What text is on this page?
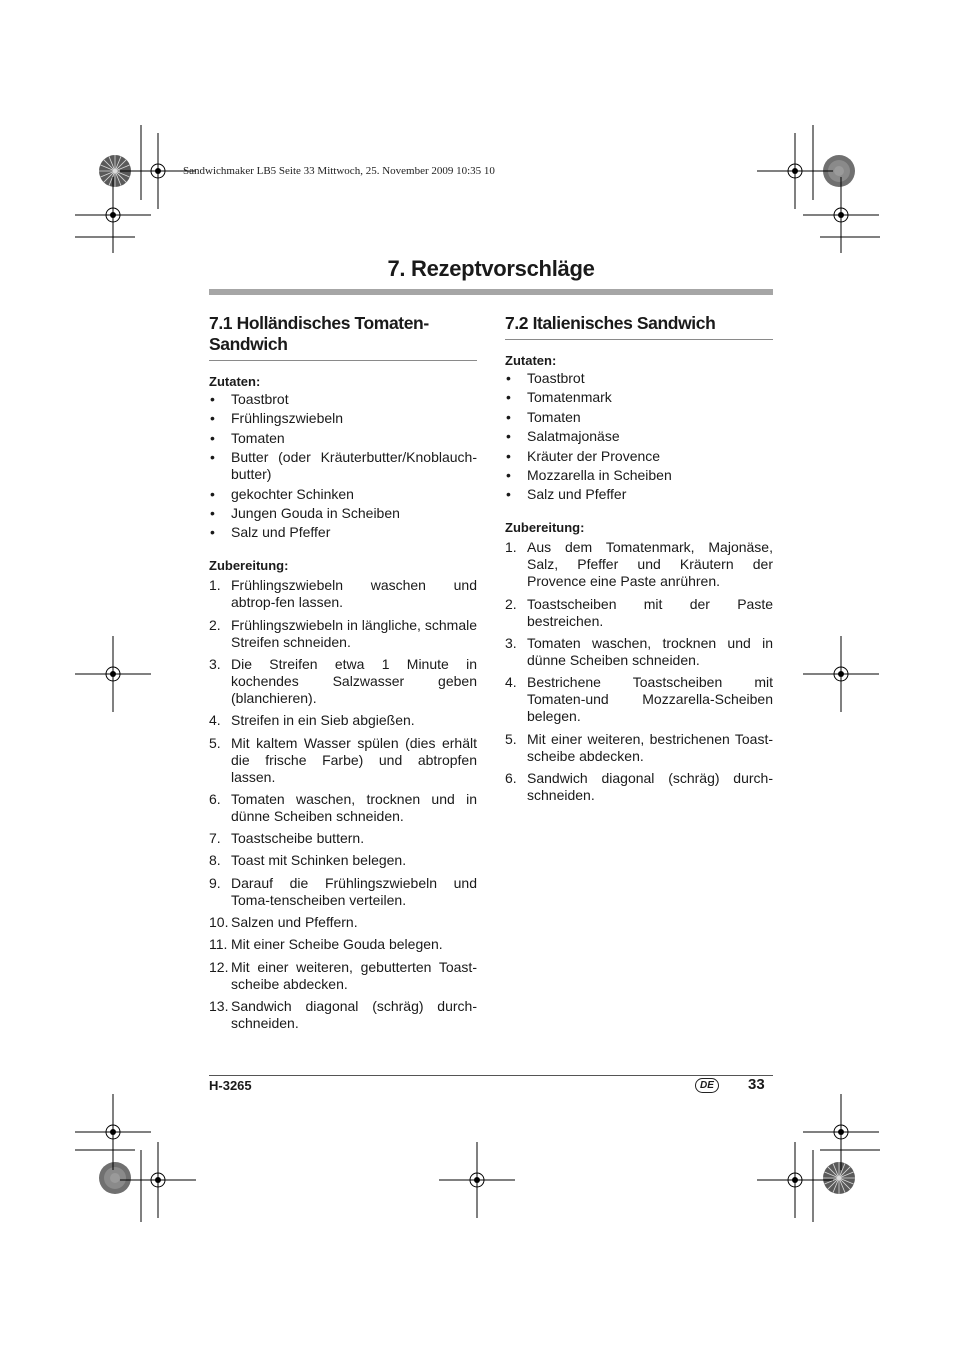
Sandwichmaker LB5 Seite 33 Mittwoch, 25. November 2009 10:35 10
7. Rezeptvorschläge
7.1 Holländisches Tomaten-Sandwich
Zutaten:
• Toastbrot
• Frühlingszwiebeln
• Tomaten
• Butter (oder Kräuterbutter/Knoblauch-butter)
• gekochter Schinken
• Jungen Gouda in Scheiben
• Salz und Pfeffer
Zubereitung:
1. Frühlingszwiebeln waschen und abtrop-fen lassen.
2. Frühlingszwiebeln in längliche, schmale Streifen schneiden.
3. Die Streifen etwa 1 Minute in kochendes Salzwasser geben (blanchieren).
4. Streifen in ein Sieb abgießen.
5. Mit kaltem Wasser spülen (dies erhält die frische Farbe) und abtropfen lassen.
6. Tomaten waschen, trocknen und in dünne Scheiben schneiden.
7. Toastscheibe buttern.
8. Toast mit Schinken belegen.
9. Darauf die Frühlingszwiebeln und Toma-tenscheiben verteilen.
10. Salzen und Pfeffern.
11. Mit einer Scheibe Gouda belegen.
12. Mit einer weiteren, gebutterten Toast-scheibe abdecken.
13. Sandwich diagonal (schräg) durch-schneiden.
7.2 Italienisches Sandwich
Zutaten:
• Toastbrot
• Tomatenmark
• Tomaten
• Salatmajonäse
• Kräuter der Provence
• Mozzarella in Scheiben
• Salz und Pfeffer
Zubereitung:
1. Aus dem Tomatenmark, Majonäse, Salz, Pfeffer und Kräutern der Provence eine Paste anrühren.
2. Toastscheiben mit der Paste bestreichen.
3. Tomaten waschen, trocknen und in dünne Scheiben schneiden.
4. Bestrichene Toastscheiben mit Tomaten-und Mozzarella-Scheiben belegen.
5. Mit einer weiteren, bestrichenen Toast-scheibe abdecken.
6. Sandwich diagonal (schräg) durch-schneiden.
H-3265	DE	33
